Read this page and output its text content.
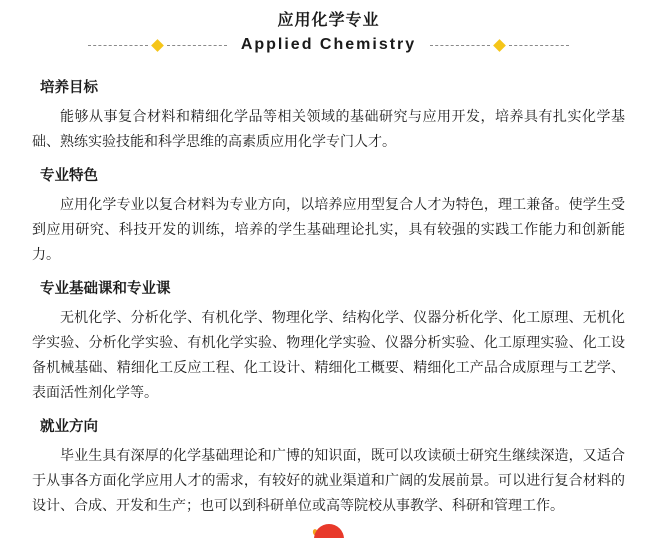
应用化学专业
Applied Chemistry
培养目标

能够从事复合材料和精细化学品等相关领域的基础研究与应用开发，培养具有扎实化学基础、熟练实验技能和科学思维的高素质应用化学专门人才。

专业特色

应用化学专业以复合材料为专业方向，以培养应用型复合人才为特色，理工兼备。使学生受到应用研究、科技开发的训练，培养的学生基础理论扎实，具有较强的实践工作能力和创新能力。

专业基础课和专业课

无机化学、分析化学、有机化学、物理化学、结构化学、仪器分析化学、化工原理、无机化学实验、分析化学实验、有机化学实验、物理化学实验、仪器分析实验、化工原理实验、化工设备机械基础、精细化工反应工程、化工设计、精细化工概要、精细化工产品合成原理与工艺学、表面活性剂化学等。

就业方向

毕业生具有深厚的化学基础理论和广博的知识面，既可以攻读硕士研究生继续深造，又适合于从事各方面化学应用人才的需求，有较好的就业渠道和广阔的发展前景。可以进行复合材料的设计、合成、开发和生产；也可以到科研单位或高等院校从事教学、科研和管理工作。
